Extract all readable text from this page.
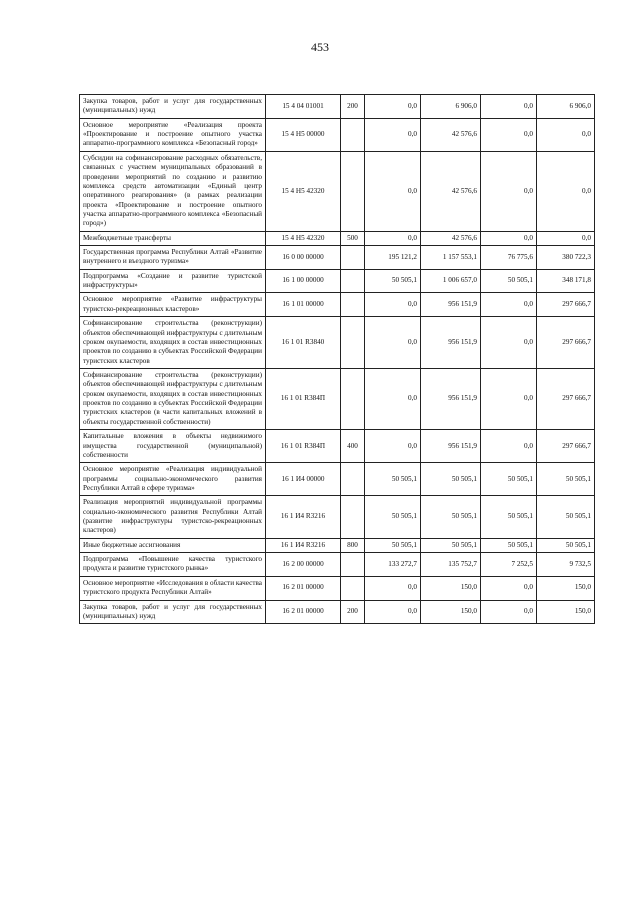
453
Закупка товаров, работ и услуг для государственных (муниципальных) нужд	15 4 04 01001	200	0,0	6 906,0	0,0	6 906,0
Основное мероприятие «Реализация проекта «Проектирование и построение опытного участка аппаратно-программного комплекса «Безопасный город»	15 4 Н5 00000		0,0	42 576,6	0,0	0,0
Субсидии на софинансирование расходных обязательств, связанных с участием муниципальных образований в проведении мероприятий по созданию и развитию комплекса средств автоматизации «Единый центр оперативного реагирования» (в рамках реализации проекта «Проектирование и построение опытного участка аппаратно-программного комплекса «Безопасный город»)	15 4 Н5 42320		0,0	42 576,6	0,0	0,0
Межбюджетные трансферты	15 4 Н5 42320	500	0,0	42 576,6	0,0	0,0
Государственная программа Республики Алтай «Развитие внутреннего и въездного туризма»	16 0 00 00000		195 121,2	1 157 553,1	76 775,6	380 722,3
Подпрограмма «Создание и развитие туристской инфраструктуры»	16 1 00 00000		50 505,1	1 006 657,0	50 505,1	348 171,8
Основное мероприятие «Развитие инфраструктуры туристско-рекреационных кластеров»	16 1 01 00000		0,0	956 151,9	0,0	297 666,7
Софинансирование строительства (реконструкции) объектов обеспечивающей инфраструктуры с длительным сроком окупаемости, входящих в состав инвестиционных проектов по созданию в субъектах Российской Федерации туристских кластеров	16 1 01 R3840		0,0	956 151,9	0,0	297 666,7
Софинансирование строительства (реконструкции) объектов обеспечивающей инфраструктуры с длительным сроком окупаемости, входящих в состав инвестиционных проектов по созданию в субъектах Российской Федерации туристских кластеров (в части капитальных вложений в объекты государственной собственности)	16 1 01 R384П		0,0	956 151,9	0,0	297 666,7
Капитальные вложения в объекты недвижимого имущества государственной (муниципальной) собственности	16 1 01 R384П	400	0,0	956 151,9	0,0	297 666,7
Основное мероприятие «Реализация индивидуальной программы социально-экономического развития Республики Алтай в сфере туризма»	16 1 И4 00000		50 505,1	50 505,1	50 505,1	50 505,1
Реализация мероприятий индивидуальной программы социально-экономического развития Республики Алтай (развитие инфраструктуры туристско-рекреационных кластеров)	16 1 И4 R3216		50 505,1	50 505,1	50 505,1	50 505,1
Иные бюджетные ассигнования	16 1 И4 R3216	800	50 505,1	50 505,1	50 505,1	50 505,1
Подпрограмма «Повышение качества туристского продукта и развитие туристского рынка»	16 2 00 00000		133 272,7	135 752,7	7 252,5	9 732,5
Основное мероприятие «Исследования в области качества туристского продукта Республики Алтай»	16 2 01 00000		0,0	150,0	0,0	150,0
Закупка товаров, работ и услуг для государственных (муниципальных) нужд	16 2 01 00000	200	0,0	150,0	0,0	150,0
